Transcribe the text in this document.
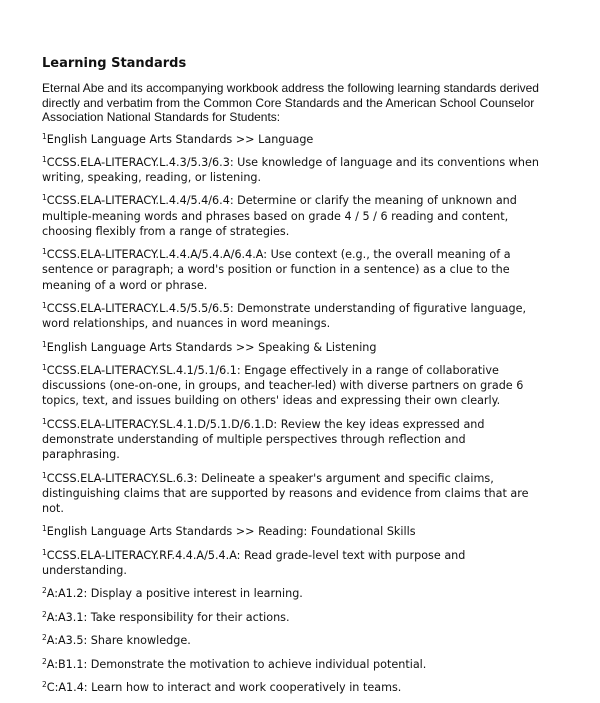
Learning Standards

Eternal Abe and its accompanying workbook address the following learning standards derived directly and verbatim from the Common Core Standards and the American School Counselor Association National Standards for Students:

$^1$English Language Arts Standards >> Language
$^1$CCSS.ELA-LITERACY.L.4.3/5.3/6.3: Use knowledge of language and its conventions when writing, speaking, reading, or listening.
$^1$CCSS.ELA-LITERACY.L.4.4/5.4/6.4: Determine or clarify the meaning of unknown and multiple-meaning words and phrases based on grade 4 / 5 / 6 reading and content, choosing flexibly from a range of strategies.
$^1$CCSS.ELA-LITERACY.L.4.4.A/5.4.A/6.4.A: Use context (e.g., the overall meaning of a sentence or paragraph; a word's position or function in a sentence) as a clue to the meaning of a word or phrase.
$^1$CCSS.ELA-LITERACY.L.4.5/5.5/6.5: Demonstrate understanding of figurative language, word relationships, and nuances in word meanings.
$^1$English Language Arts Standards >> Speaking & Listening
$^1$CCSS.ELA-LITERACY.SL.4.1/5.1/6.1: Engage effectively in a range of collaborative discussions (one-on-one, in groups, and teacher-led) with diverse partners on grade 6 topics, text, and issues building on others' ideas and expressing their own clearly.
$^1$CCSS.ELA-LITERACY.SL.4.1.D/5.1.D/6.1.D: Review the key ideas expressed and demonstrate understanding of multiple perspectives through reflection and paraphrasing.
$^1$CCSS.ELA-LITERACY.SL.6.3: Delineate a speaker's argument and specific claims, distinguishing claims that are supported by reasons and evidence from claims that are not.
$^1$English Language Arts Standards >> Reading: Foundational Skills
$^1$CCSS.ELA-LITERACY.RF.4.4.A/5.4.A: Read grade-level text with purpose and understanding.
$^2$A:A1.2: Display a positive interest in learning.
$^2$A:A3.1: Take responsibility for their actions.
$^2$A:A3.5: Share knowledge.
$^2$A:B1.1: Demonstrate the motivation to achieve individual potential.
$^2$C:A1.4: Learn how to interact and work cooperatively in teams.
